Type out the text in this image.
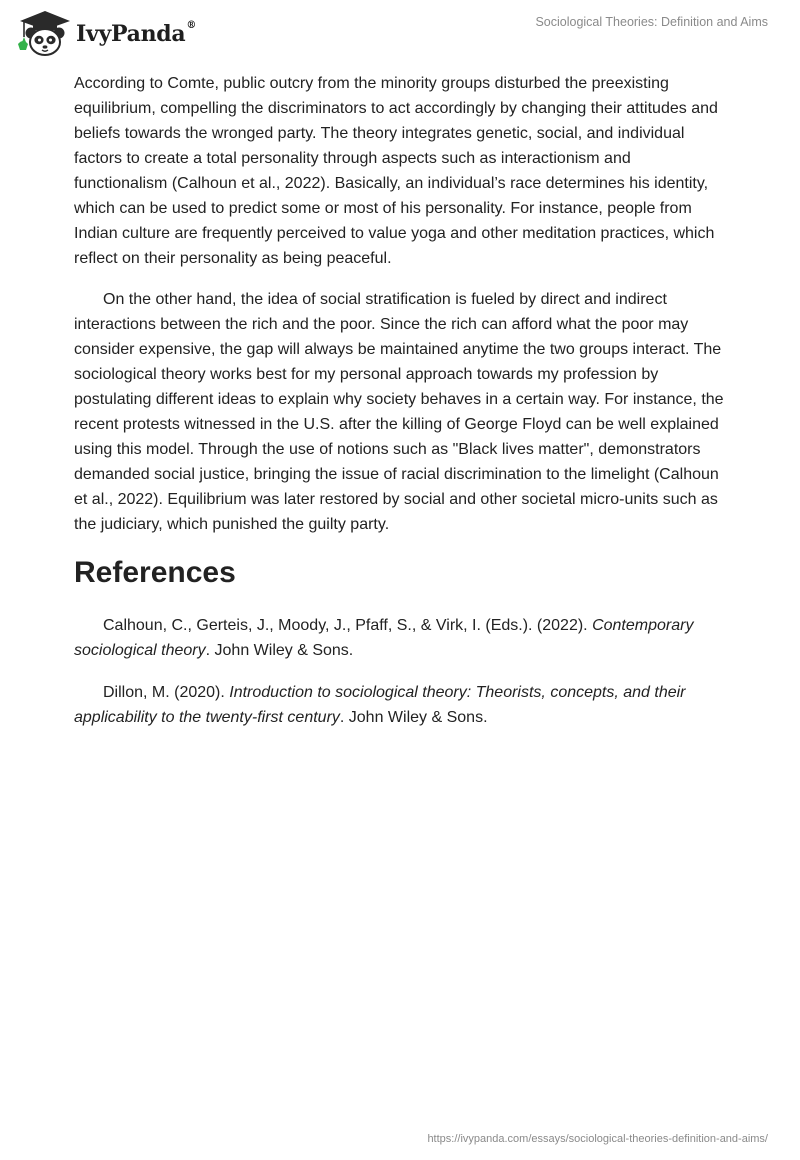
IvyPanda®	Sociological Theories: Definition and Aims

According to Comte, public outcry from the minority groups disturbed the preexisting equilibrium, compelling the discriminators to act accordingly by changing their attitudes and beliefs towards the wronged party. The theory integrates genetic, social, and individual factors to create a total personality through aspects such as interactionism and functionalism (Calhoun et al., 2022). Basically, an individual’s race determines his identity, which can be used to predict some or most of his personality. For instance, people from Indian culture are frequently perceived to value yoga and other meditation practices, which reflect on their personality as being peaceful.

On the other hand, the idea of social stratification is fueled by direct and indirect interactions between the rich and the poor. Since the rich can afford what the poor may consider expensive, the gap will always be maintained anytime the two groups interact. The sociological theory works best for my personal approach towards my profession by postulating different ideas to explain why society behaves in a certain way. For instance, the recent protests witnessed in the U.S. after the killing of George Floyd can be well explained using this model. Through the use of notions such as "Black lives matter", demonstrators demanded social justice, bringing the issue of racial discrimination to the limelight (Calhoun et al., 2022). Equilibrium was later restored by social and other societal micro-units such as the judiciary, which punished the guilty party.

References

Calhoun, C., Gerteis, J., Moody, J., Pfaff, S., & Virk, I. (Eds.). (2022). Contemporary sociological theory. John Wiley & Sons.

Dillon, M. (2020). Introduction to sociological theory: Theorists, concepts, and their applicability to the twenty-first century. John Wiley & Sons.

https://ivypanda.com/essays/sociological-theories-definition-and-aims/
